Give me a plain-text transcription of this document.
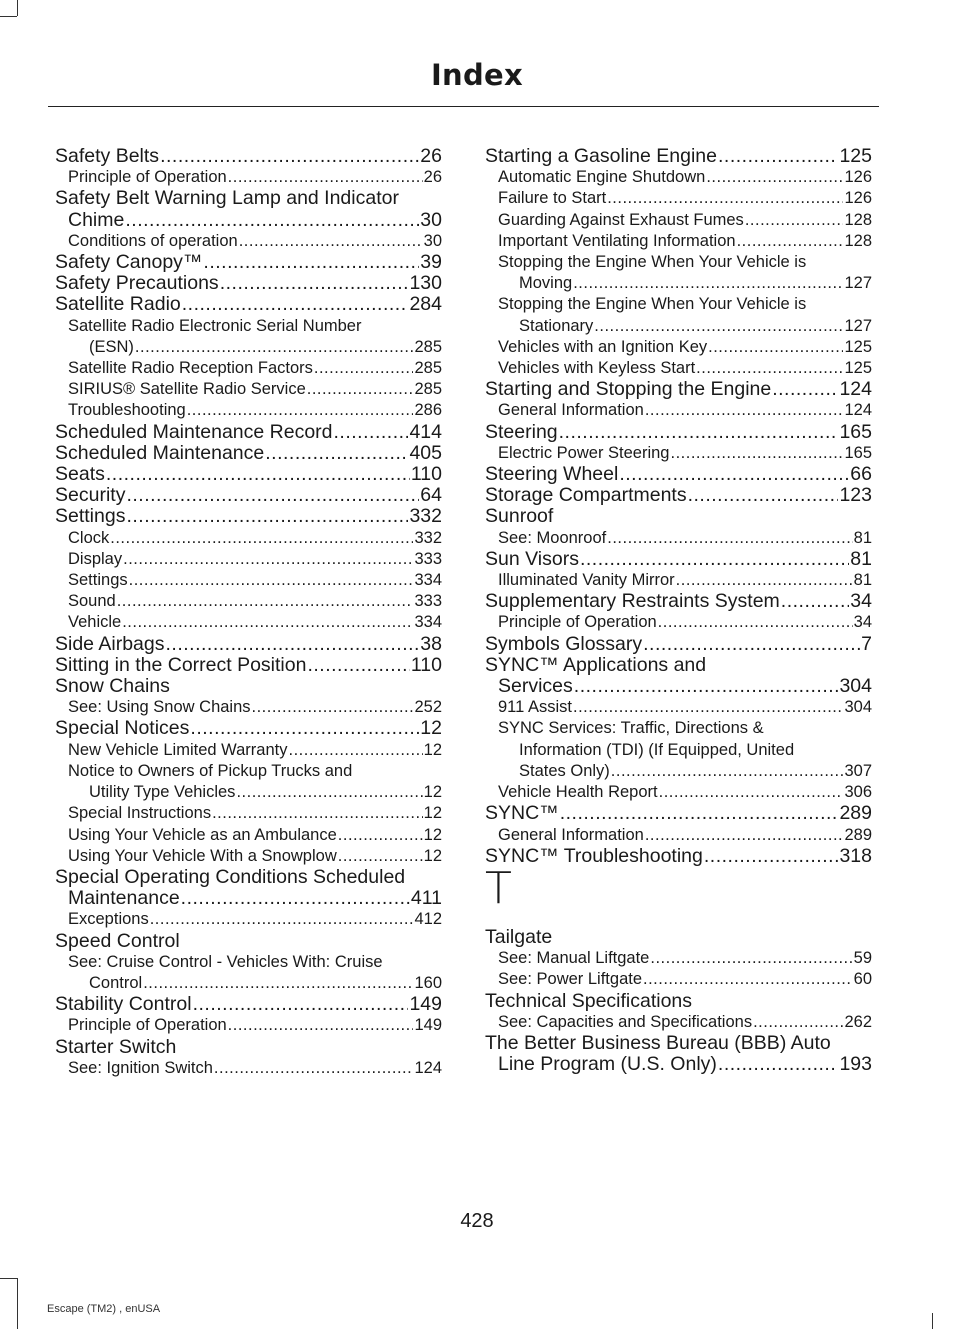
Index
Safety Belts .....	26
Principle of Operation .....	26
Safety Belt Warning Lamp and Indicator
Chime .....	30
Conditions of operation .....	30
Safety Canopy™ .....	39
Safety Precautions .....	130
Satellite Radio .....	284
Satellite Radio Electronic Serial Number
(ESN) .....	285
Satellite Radio Reception Factors .....	285
SIRIUS® Satellite Radio Service .....	285
Troubleshooting .....	286
Scheduled Maintenance Record .....	414
Scheduled Maintenance .....	405
Seats .....	110
Security .....	64
Settings .....	332
Clock .....	332
Display .....	333
Settings .....	334
Sound .....	333
Vehicle .....	334
Side Airbags .....	38
Sitting in the Correct Position .....	110
Snow Chains
See: Using Snow Chains .....	252
Special Notices .....	12
New Vehicle Limited Warranty .....	12
Notice to Owners of Pickup Trucks and
Utility Type Vehicles .....	12
Special Instructions .....	12
Using Your Vehicle as an Ambulance .....	12
Using Your Vehicle With a Snowplow .....	12
Special Operating Conditions Scheduled
Maintenance .....	411
Exceptions .....	412
Speed Control
See: Cruise Control - Vehicles With: Cruise
Control .....	160
Stability Control .....	149
Principle of Operation .....	149
Starter Switch
See: Ignition Switch .....	124
Starting a Gasoline Engine .....	125
Automatic Engine Shutdown .....	126
Failure to Start .....	126
Guarding Against Exhaust Fumes .....	128
Important Ventilating Information .....	128
Stopping the Engine When Your Vehicle is
Moving .....	127
Stopping the Engine When Your Vehicle is
Stationary .....	127
Vehicles with an Ignition Key .....	125
Vehicles with Keyless Start .....	125
Starting and Stopping the Engine .....	124
General Information .....	124
Steering .....	165
Electric Power Steering .....	165
Steering Wheel .....	66
Storage Compartments .....	123
Sunroof
See: Moonroof .....	81
Sun Visors .....	81
Illuminated Vanity Mirror .....	81
Supplementary Restraints System .....	34
Principle of Operation .....	34
Symbols Glossary .....	7
SYNC™ Applications and
Services .....	304
911 Assist .....	304
SYNC Services: Traffic, Directions &
Information (TDI) (If Equipped, United
States Only) .....	307
Vehicle Health Report .....	306
SYNC™ .....	289
General Information .....	289
SYNC™ Troubleshooting .....	318
T
Tailgate
See: Manual Liftgate .....	59
See: Power Liftgate .....	60
Technical Specifications
See: Capacities and Specifications .....	262
The Better Business Bureau (BBB) Auto
Line Program (U.S. Only) .....	193
428
Escape (TM2) , enUSA
